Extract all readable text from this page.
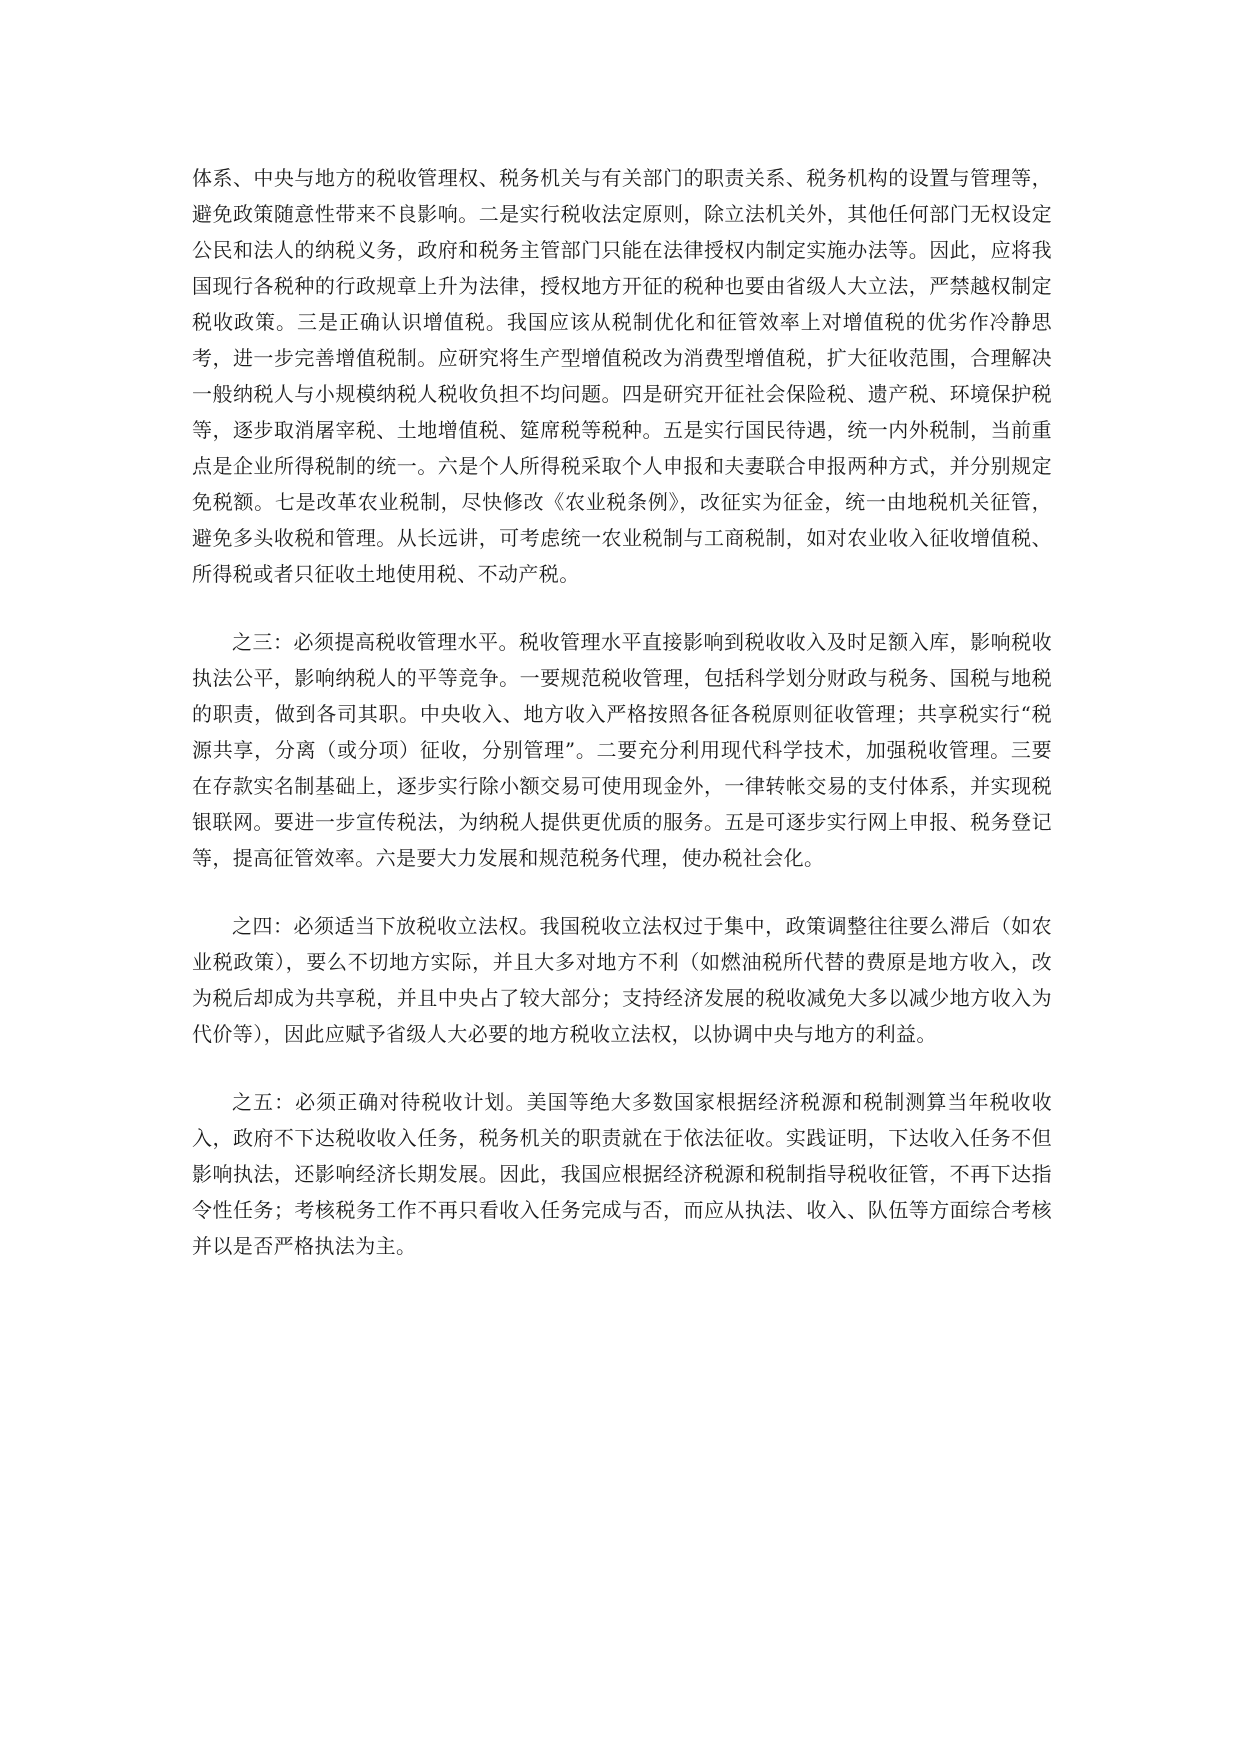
体系、中央与地方的税收管理权、税务机关与有关部门的职责关系、税务机构的设置与管理等，避免政策随意性带来不良影响。二是实行税收法定原则，除立法机关外，其他任何部门无权设定公民和法人的纳税义务，政府和税务主管部门只能在法律授权内制定实施办法等。因此，应将我国现行各税种的行政规章上升为法律，授权地方开征的税种也要由省级人大立法，严禁越权制定税收政策。三是正确认识增值税。我国应该从税制优化和征管效率上对增值税的优劣作冷静思考，进一步完善增值税制。应研究将生产型增值税改为消费型增值税，扩大征收范围，合理解决一般纳税人与小规模纳税人税收负担不均问题。四是研究开征社会保险税、遗产税、环境保护税等，逐步取消屠宰税、土地增值税、筵席税等税种。五是实行国民待遇，统一内外税制，当前重点是企业所得税制的统一。六是个人所得税采取个人申报和夫妻联合申报两种方式，并分别规定免税额。七是改革农业税制，尽快修改《农业税条例》，改征实为征金，统一由地税机关征管，避免多头收税和管理。从长远讲，可考虑统一农业税制与工商税制，如对农业收入征收增值税、所得税或者只征收土地使用税、不动产税。

之三：必须提高税收管理水平。税收管理水平直接影响到税收收入及时足额入库，影响税收执法公平，影响纳税人的平等竞争。一要规范税收管理，包括科学划分财政与税务、国税与地税的职责，做到各司其职。中央收入、地方收入严格按照各征各税原则征收管理；共享税实行“税源共享，分离（或分项）征收，分别管理”。二要充分利用现代科学技术，加强税收管理。三要在存款实名制基础上，逐步实行除小额交易可使用现金外，一律转帐交易的支付体系，并实现税银联网。要进一步宣传税法，为纳税人提供更优质的服务。五是可逐步实行网上申报、税务登记等，提高征管效率。六是要大力发展和规范税务代理，使办税社会化。

之四：必须适当下放税收立法权。我国税收立法权过于集中，政策调整往往要么滞后（如农业税政策），要么不切地方实际，并且大多对地方不利（如燃油税所代替的费原是地方收入，改为税后却成为共享税，并且中央占了较大部分；支持经济发展的税收减免大多以减少地方收入为代价等），因此应赋予省级人大必要的地方税收立法权，以协调中央与地方的利益。

之五：必须正确对待税收计划。美国等绝大多数国家根据经济税源和税制测算当年税收收入，政府不下达税收收入任务，税务机关的职责就在于依法征收。实践证明，下达收入任务不但影响执法，还影响经济长期发展。因此，我国应根据经济税源和税制指导税收征管，不再下达指令性任务；考核税务工作不再只看收入任务完成与否，而应从执法、收入、队伍等方面综合考核并以是否严格执法为主。
